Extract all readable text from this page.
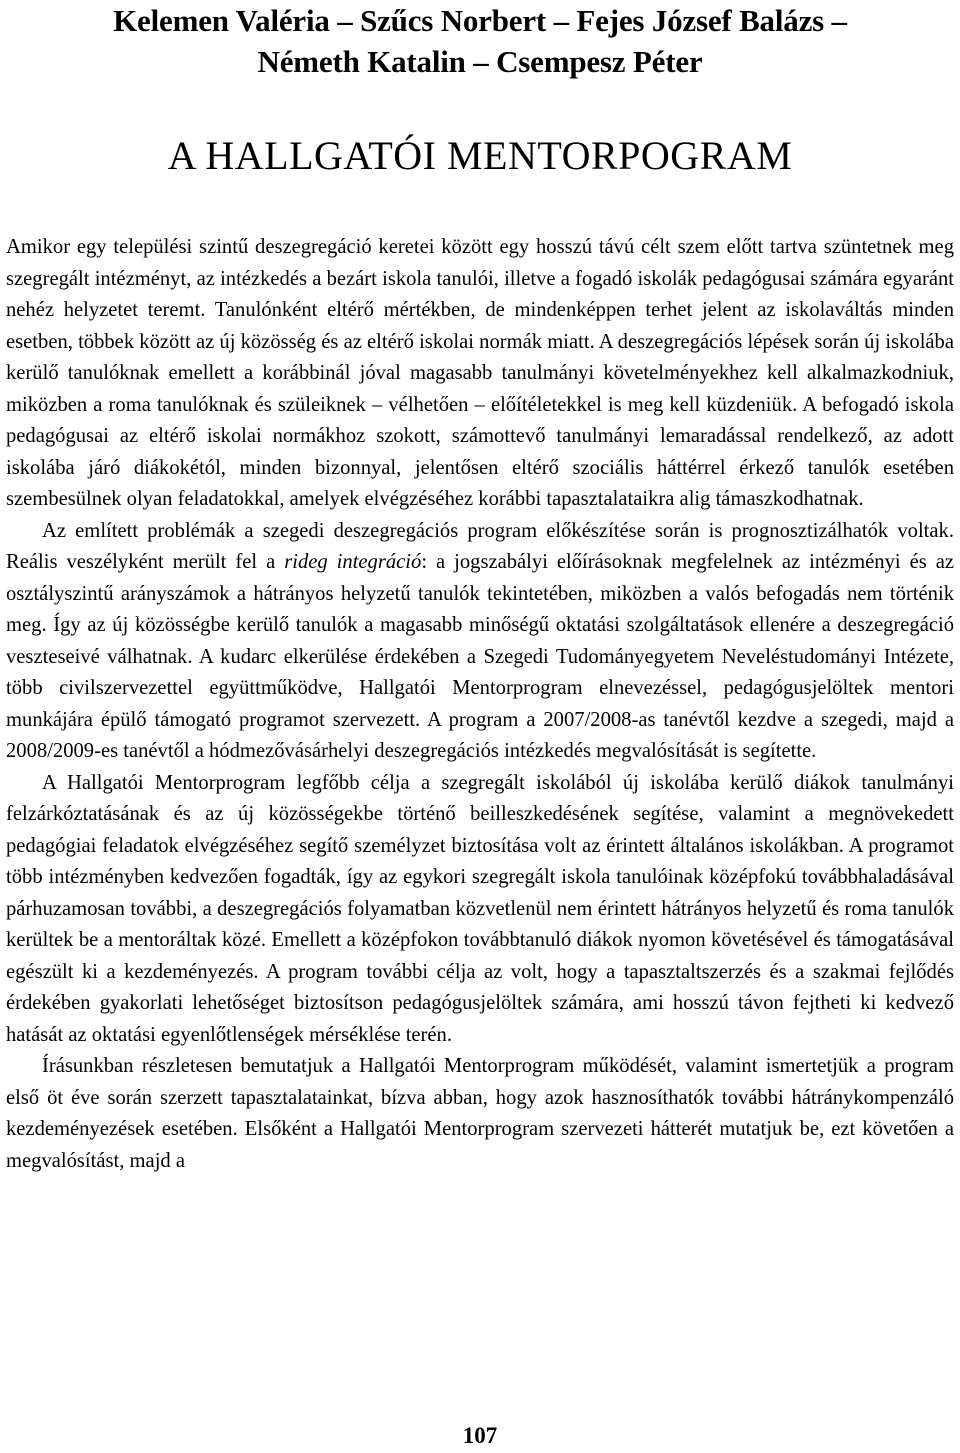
Kelemen Valéria – Szűcs Norbert – Fejes József Balázs –
Németh Katalin – Csempesz Péter
A HALLGATÓI MENTORPOGRAM

Amikor egy települési szintű deszegregáció keretei között egy hosszú távú célt szem előtt tartva szüntetnek meg szegregált intézményt, az intézkedés a bezárt iskola tanulói, illetve a fogadó iskolák pedagógusai számára egyaránt nehéz helyzetet teremt. Tanulónként eltérő mértékben, de mindenképpen terhet jelent az iskolaváltás minden esetben, többek között az új közösség és az eltérő iskolai normák miatt. A deszegregációs lépések során új iskolába kerülő tanulóknak emellett a korábbinál jóval magasabb tanulmányi követelményekhez kell alkalmazkodniuk, miközben a roma tanulóknak és szüleiknek – vélhetően – előítéletekkel is meg kell küzdeniük. A befogadó iskola pedagógusai az eltérő iskolai normákhoz szokott, számottevő tanulmányi lemaradással rendelkező, az adott iskolába járó diákokétól, minden bizonnyal, jelentősen eltérő szociális háttérrel érkező tanulók esetében szembesülnek olyan feladatokkal, amelyek elvégzéséhez korábbi tapasztalataikra alig támaszkodhatnak.

Az említett problémák a szegedi deszegregációs program előkészítése során is prognosztizálhatók voltak. Reális veszélyként merült fel a rideg integráció: a jogszabályi előírásoknak megfelelnek az intézményi és az osztályszintű arányszámok a hátrányos helyzetű tanulók tekintetében, miközben a valós befogadás nem történik meg. Így az új közösségbe kerülő tanulók a magasabb minőségű oktatási szolgáltatások ellenére a deszegregáció veszteseivé válhatnak. A kudarc elkerülése érdekében a Szegedi Tudományegyetem Neveléstudományi Intézete, több civilszervezettel együttműködve, Hallgatói Mentorprogram elnevezéssel, pedagógusjelöltek mentori munkájára épülő támogató programot szervezett. A program a 2007/2008-as tanévtől kezdve a szegedi, majd a 2008/2009-es tanévtől a hódmezővásárhelyi deszegregációs intézkedés megvalósítását is segítette.

A Hallgatói Mentorprogram legfőbb célja a szegregált iskolából új iskolába kerülő diákok tanulmányi felzárkóztatásának és az új közösségekbe történő beilleszkedésének segítése, valamint a megnövekedett pedagógiai feladatok elvégzéséhez segítő személyzet biztosítása volt az érintett általános iskolákban. A programot több intézményben kedvezően fogadták, így az egykori szegregált iskola tanulóinak középfokú továbbhaladásával párhuzamosan további, a deszegregációs folyamatban közvetlenül nem érintett hátrányos helyzetű és roma tanulók kerültek be a mentoráltak közé. Emellett a középfokon továbbtanuló diákok nyomon követésével és támogatásával egészült ki a kezdeményezés. A program további célja az volt, hogy a tapasztaltszerzés és a szakmai fejlődés érdekében gyakorlati lehetőséget biztosítson pedagógusjelöltek számára, ami hosszú távon fejtheti ki kedvező hatását az oktatási egyenlőtlenségek mérséklése terén.

Írásunkban részletesen bemutatjuk a Hallgatói Mentorprogram működését, valamint ismertetjük a program első öt éve során szerzett tapasztalatainkat, bízva abban, hogy azok hasznosíthatók további hátránykompenzáló kezdeményezések esetében. Elsőként a Hallgatói Mentorprogram szervezeti hátterét mutatjuk be, ezt követően a megvalósítást, majd a

107
